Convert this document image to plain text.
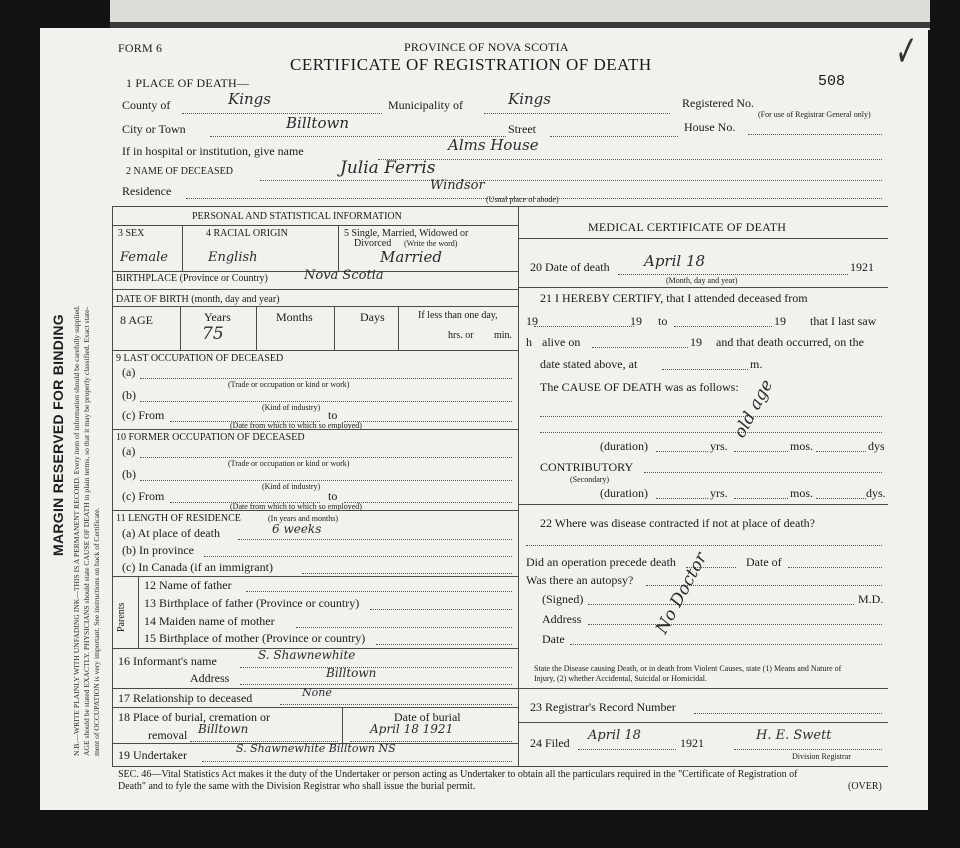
FORM 6	PROVINCE OF NOVA SCOTIA
CERTIFICATE OF REGISTRATION OF DEATH
508
✓
1 PLACE OF DEATH—
County of	Kings	Municipality of	Kings	Registered No.
(For use of Registrar General only)
City or Town	Billtown	Street	House No.
If in hospital or institution, give name	Alms House
2 NAME OF DECEASED	Julia Ferris
Residence	Windsor
(Usual place of abode)
PERSONAL AND STATISTICAL INFORMATION
3 SEX	4 RACIAL ORIGIN	5 Single, Married, Widowed or
Divorced (Write the word)
Female	English	Married
BIRTHPLACE (Province or Country)	Nova Scotia
DATE OF BIRTH (month, day and year)
8 AGE	Years
75
Months	Days	If less than one day,
hrs. or min.
9 LAST OCCUPATION OF DECEASED
(a)
(Trade or occupation or kind or work)
(b)
(Kind of industry)
(c) From	to
(Date from which to which so employed)
10 FORMER OCCUPATION OF DECEASED
(a)
(Trade or occupation or kind or work)
(b)
(Kind of industry)
(c) From	to
(Date from which to which so employed)
11 LENGTH OF RESIDENCE	(In years and months)
(a) At place of death	6 weeks
(b) In province
(c) In Canada (if an immigrant)
Parents
12 Name of father
13 Birthplace of father (Province or country)
14 Maiden name of mother
15 Birthplace of mother (Province or country)
16 Informant's name	S. Shawnewhite
Address	Billtown
17 Relationship to deceased	None
18 Place of burial, cremation or
removal Billtown
Date of burial
April 18 1921
19 Undertaker	S. Shawnewhite Billtown NS
MEDICAL CERTIFICATE OF DEATH
20 Date of death April 18	1921
(Month, day and year)
21 I HEREBY CERTIFY, that I attended deceased from
19	19 to	19 that I last saw
h alive on	19 and that death occurred, on the
date stated above, at	m.
The CAUSE OF DEATH was as follows:
(duration)	yrs.	mos.	dys
CONTRIBUTORY
(Secondary)
(duration)	yrs.	mos.	dys.
22 Where was disease contracted if not at place of death?
Did an operation precede death	Date of
Was there an autopsy?
(Signed)	M.D.
Address
Date
State the Disease causing Death, or in death from Violent Causes, state (1) Means and Nature of
Injury, (2) whether Accidental, Suicidal or Homicidal.
old age
No Doctor
23 Registrar's Record Number
24 Filed April 18	1921	H. E. Swett
Division Registrar
SEC. 46—Vital Statistics Act makes it the duty of the Undertaker or person acting as Undertaker to obtain all the particulars required in the "Certificate of Registration of
Death" and to fyle the same with the Division Registrar who shall issue the burial permit.	(OVER)
MARGIN RESERVED FOR BINDING N.B.—WRITE PLAINLY WITH UNFADING INK—THIS IS A PERMANENT RECORD. Every item of information should be carefully supplied. AGE should be stated EXACTLY. PHYSICIANS should state CAUSE OF DEATH in plain terms, so that it may be properly classified. Exact state- ment of OCCUPATION is very important. See instructions on back of Certificate.
